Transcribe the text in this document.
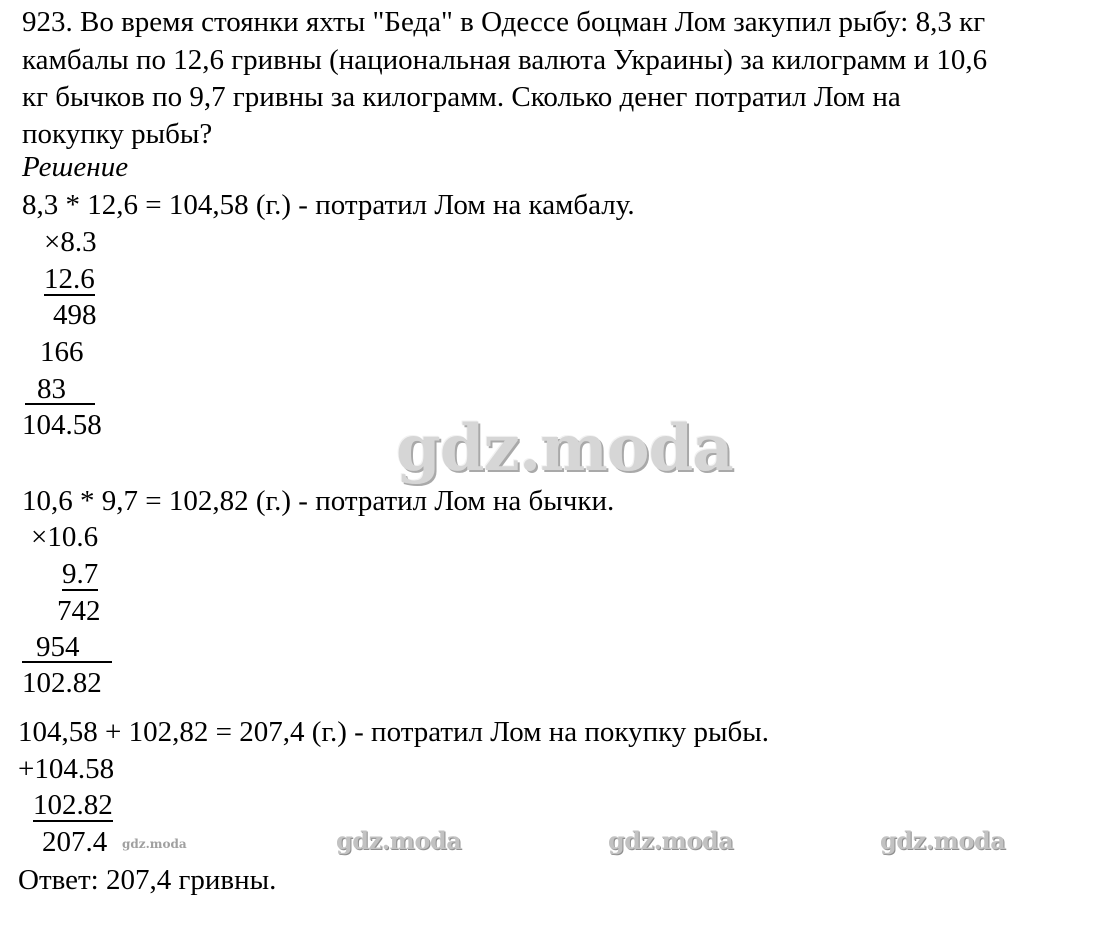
923. Во время стоянки яхты "Беда" в Одессе боцман Лом закупил рыбу: 8,3 кг
камбалы по 12,6 гривны (национальная валюта Украины) за килограмм и 10,6
кг бычков по 9,7 гривны за килограмм. Сколько денег потратил Лом на
покупку рыбы?
Решение
8,3 * 12,6 = 104,58 (г.) - потратил Лом на камбалу.
×8.3
12.6
498
166
83
104.58	gdz.moda
10,6 * 9,7 = 102,82 (г.) - потратил Лом на бычки.
×10.6
9.7
742
954
102.82
104,58 + 102,82 = 207,4 (г.) - потратил Лом на покупку рыбы.
+104.58
102.82
207.4 gdz.moda	gdz.moda	gdz.moda	gdz.moda
Ответ: 207,4 гривны.
